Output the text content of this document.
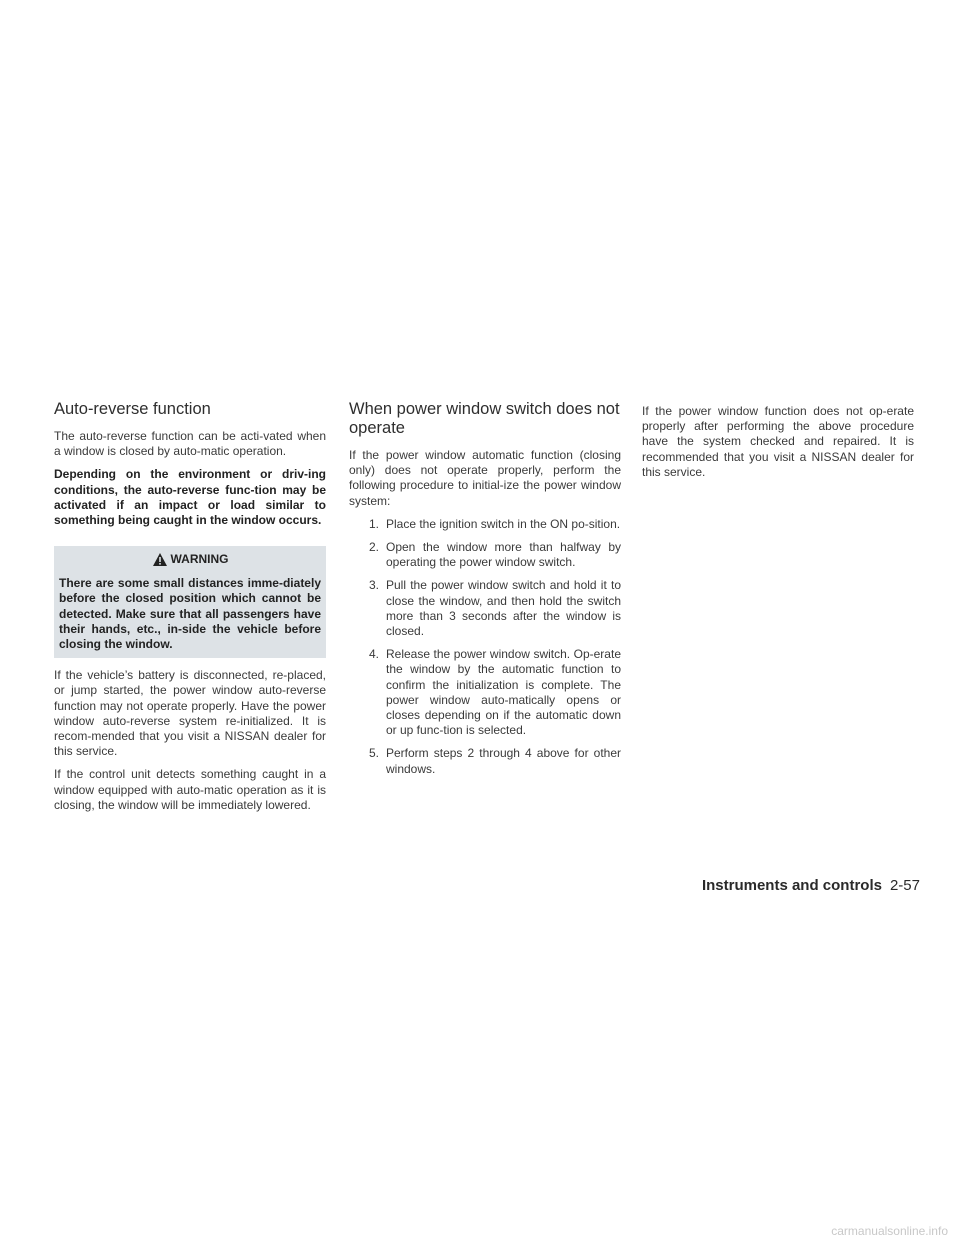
Auto-reverse function

The auto-reverse function can be acti-vated when a window is closed by auto-matic operation.

Depending on the environment or driv-ing conditions, the auto-reverse func-tion may be activated if an impact or load similar to something being caught in the window occurs.

WARNING
There are some small distances imme-diately before the closed position which cannot be detected. Make sure that all passengers have their hands, etc., in-side the vehicle before closing the window.

If the vehicle’s battery is disconnected, re-placed, or jump started, the power window auto-reverse function may not operate properly. Have the power window auto-reverse system re-initialized. It is recom-mended that you visit a NISSAN dealer for this service.

If the control unit detects something caught in a window equipped with auto-matic operation as it is closing, the window will be immediately lowered.

When power window switch does not operate

If the power window automatic function (closing only) does not operate properly, perform the following procedure to initial-ize the power window system:

1. Place the ignition switch in the ON po-sition.
2. Open the window more than halfway by operating the power window switch.
3. Pull the power window switch and hold it to close the window, and then hold the switch more than 3 seconds after the window is closed.
4. Release the power window switch. Op-erate the window by the automatic function to confirm the initialization is complete. The power window auto-matically opens or closes depending on if the automatic down or up func-tion is selected.
5. Perform steps 2 through 4 above for other windows.

If the power window function does not op-erate properly after performing the above procedure have the system checked and repaired. It is recommended that you visit a NISSAN dealer for this service.

Instruments and controls 2-57
carmanualsonline.info
